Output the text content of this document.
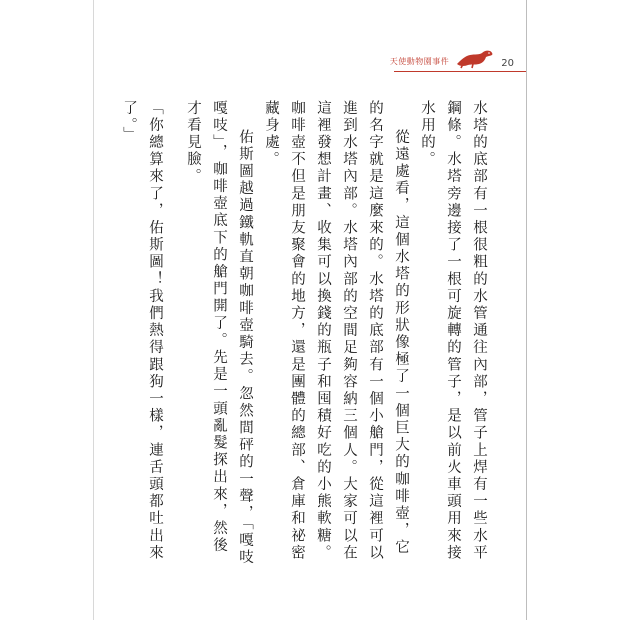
天使動物園事件	20

水塔的底部有一根很粗的水管通往內部，管子上焊有一些水平鋼條。水塔旁邊接了一根可旋轉的管子，是以前火車頭用來接水用的。

從遠處看，這個水塔的形狀像極了一個巨大的咖啡壺，它的名字就是這麼來的。水塔的底部有一個小艙門，從這裡可以進到水塔內部。水塔內部的空間足夠容納三個人。大家可以在這裡發想計畫、收集可以換錢的瓶子和囤積好吃的小熊軟糖。咖啡壺不但是朋友聚會的地方，還是團體的總部、倉庫和祕密藏身處。

佑斯圖越過鐵軌直朝咖啡壺騎去。忽然間砰的一聲，「嘎吱嘎吱」，咖啡壺底下的艙門開了。先是一頭亂髮探出來，然後才看見臉。

「你總算來了，佑斯圖！我們熱得跟狗一樣，連舌頭都吐出來了。」
